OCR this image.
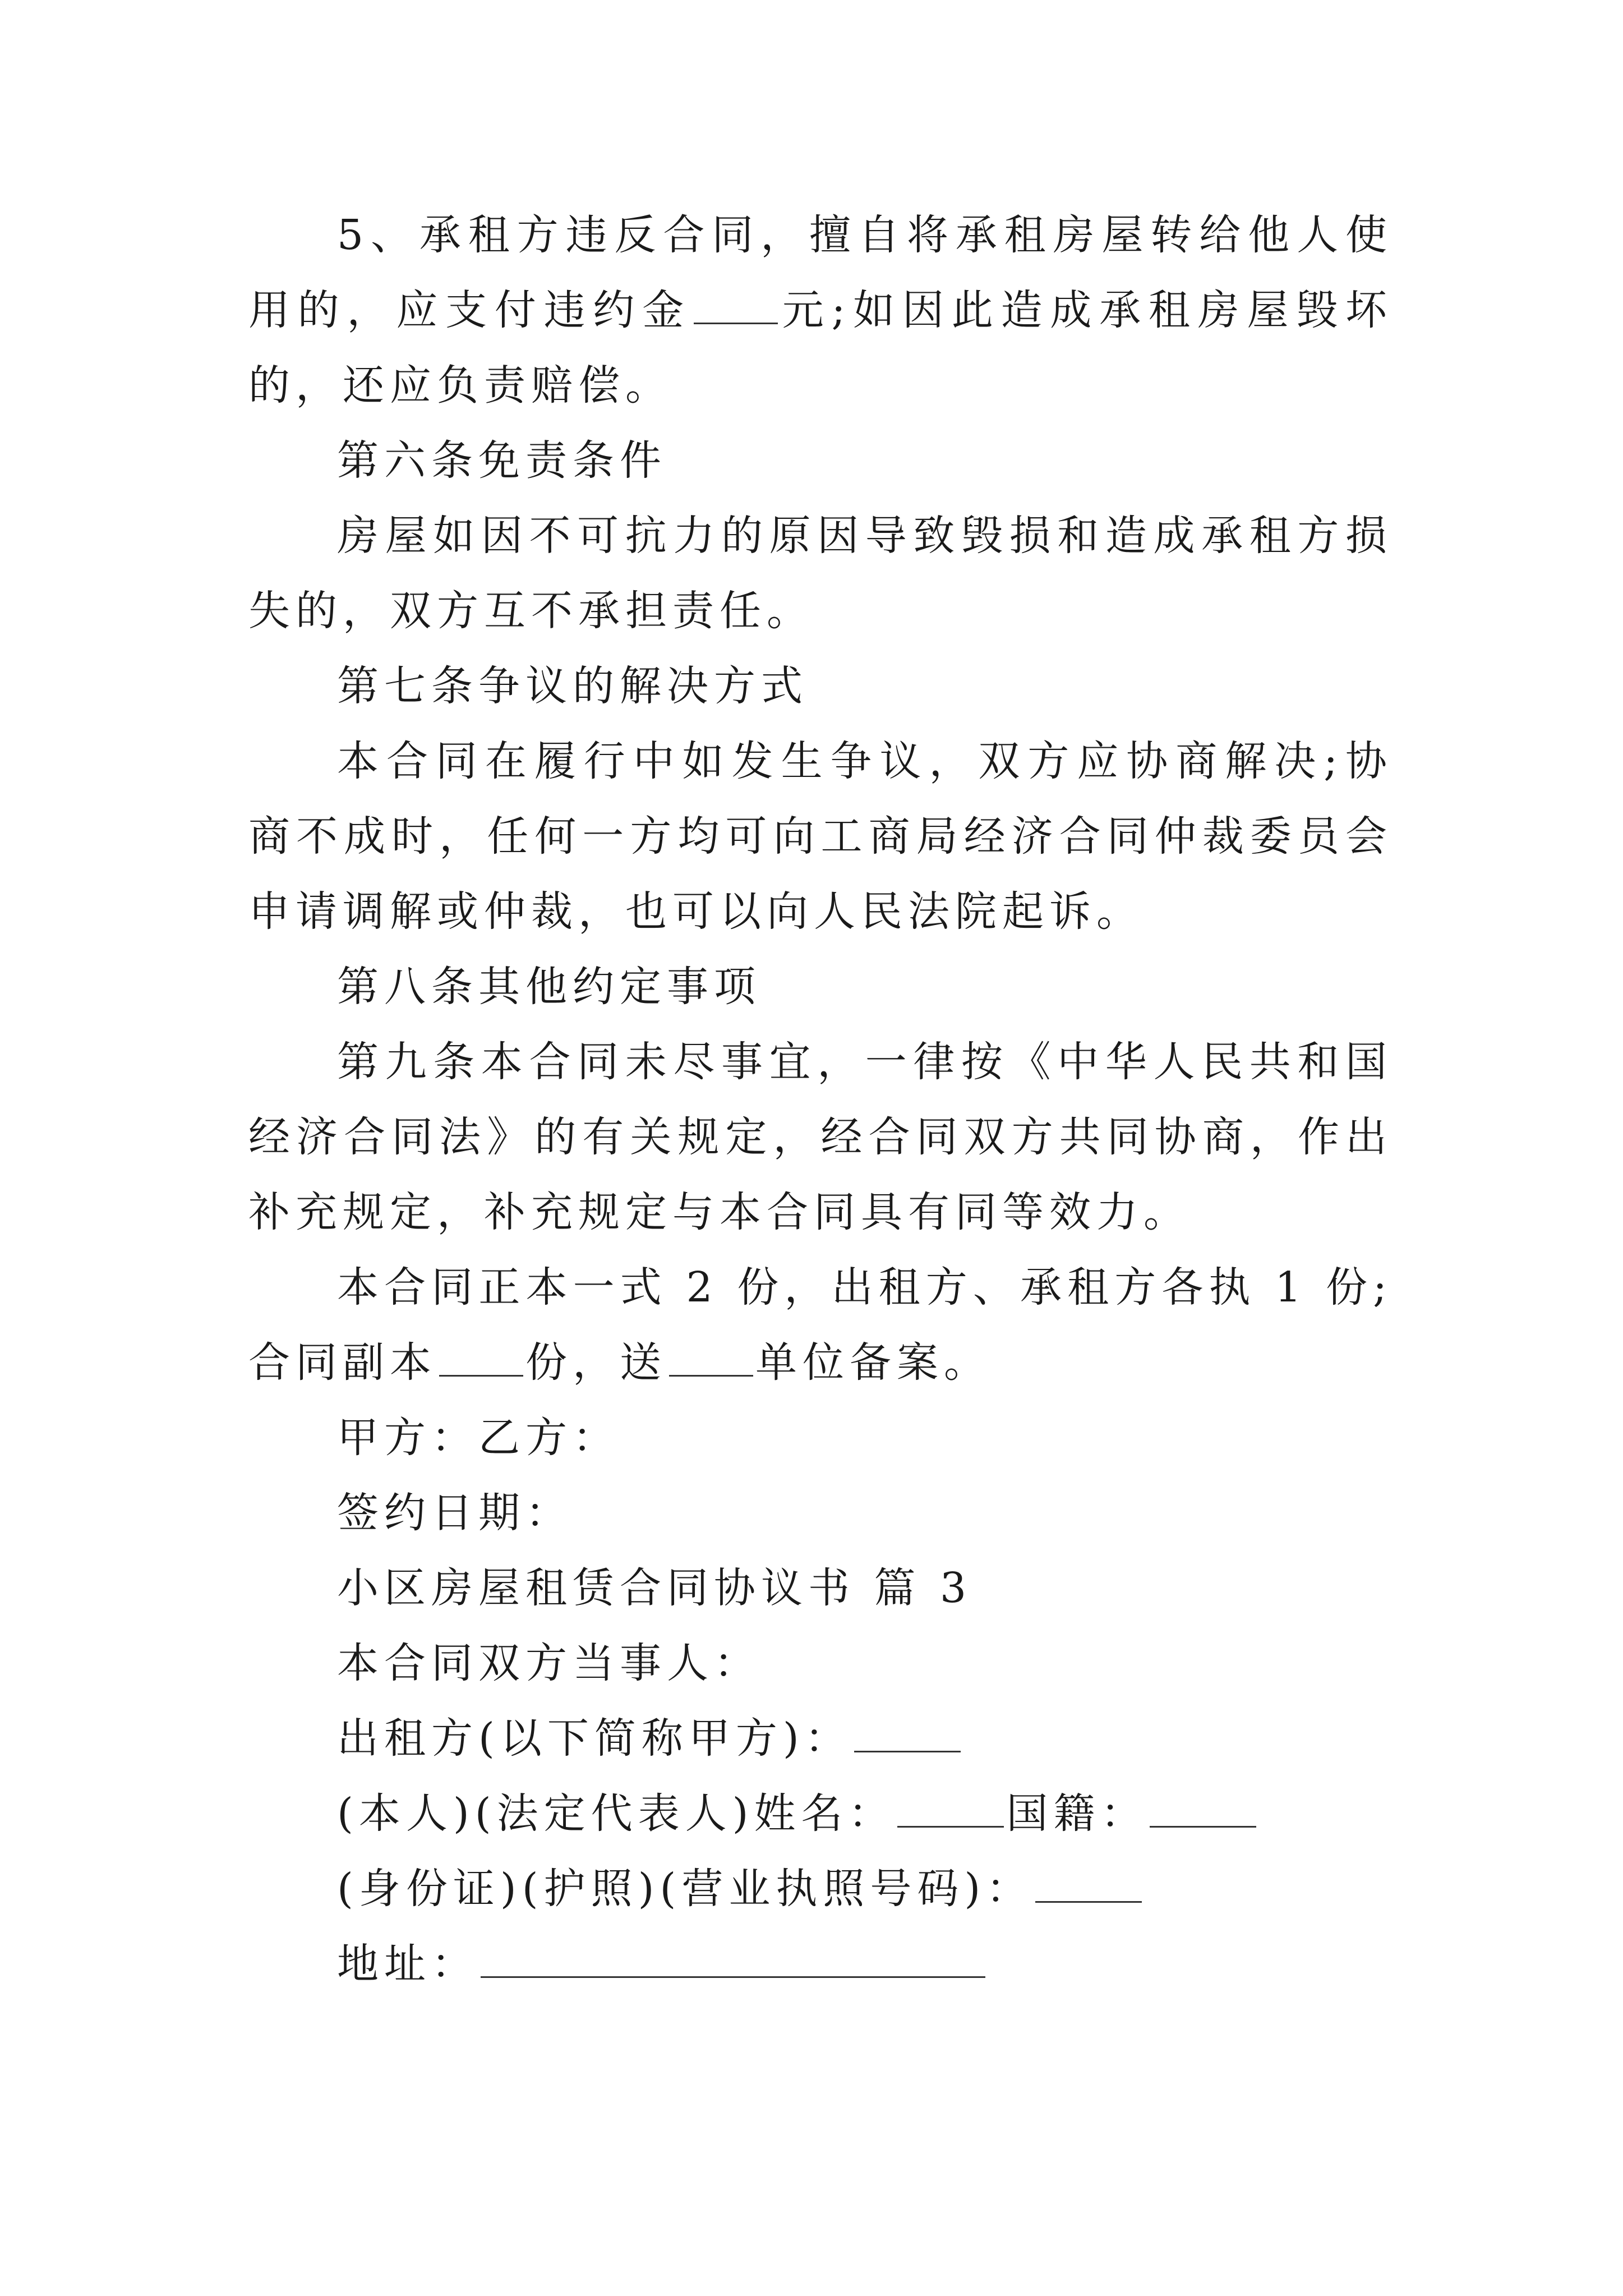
5、承租方违反合同，擅自将承租房屋转给他人使用的，应支付违约金 元;如因此造成承租房屋毁坏的，还应负责赔偿。

第六条免责条件

房屋如因不可抗力的原因导致毁损和造成承租方损失的，双方互不承担责任。

第七条争议的解决方式

本合同在履行中如发生争议，双方应协商解决;协商不成时，任何一方均可向工商局经济合同仲裁委员会申请调解或仲裁，也可以向人民法院起诉。

第八条其他约定事项

第九条本合同未尽事宜，一律按《中华人民共和国经济合同法》的有关规定，经合同双方共同协商，作出补充规定，补充规定与本合同具有同等效力。

本合同正本一式 2 份，出租方、承租方各执 1 份;合同副本 份，送 单位备案。

甲方：乙方：

签约日期：

小区房屋租赁合同协议书 篇 3

本合同双方当事人：

出租方(以下简称甲方)：

(本人)(法定代表人)姓名：	国籍：

(身份证)(护照)(营业执照号码)：

地址：
